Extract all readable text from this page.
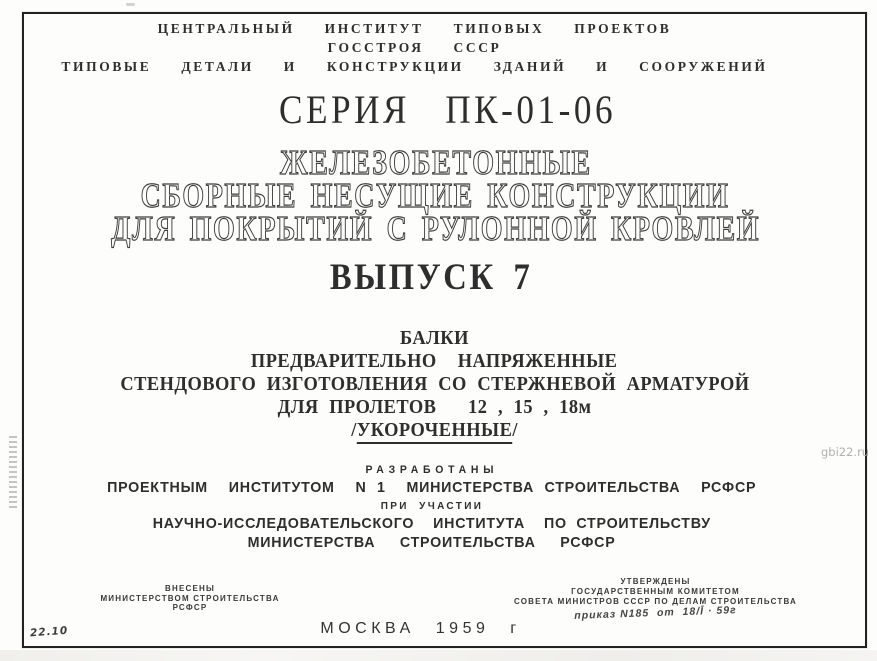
ЦЕНТРАЛЬНЫЙ  ИНСТИТУТ  ТИПОВЫХ  ПРОЕКТОВ
ГОССТРОЯ  СССР
ТИПОВЫЕ  ДЕТАЛИ  И  КОНСТРУКЦИИ  ЗДАНИЙ  И  СООРУЖЕНИЙ
СЕРИЯ ПК-01-06
ЖЕЛЕЗОБЕТОННЫЕ
СБОРНЫЕ НЕСУЩИЕ КОНСТРУКЦИИ
ДЛЯ ПОКРЫТИЙ С РУЛОННОЙ КРОВЛЕЙ
ВЫПУСК 7
БАЛКИ
ПРЕДВАРИТЕЛЬНО  НАПРЯЖЕННЫЕ
СТЕНДОВОГО ИЗГОТОВЛЕНИЯ СО СТЕРЖНЕВОЙ АРМАТУРОЙ
ДЛЯ ПРОЛЕТОВ   12 , 15 , 18м
/УКОРОЧЕННЫЕ/
РАЗРАБОТАНЫ
ПРОЕКТНЫМ  ИНСТИТУТОМ  N 1  МИНИСТЕРСТВА СТРОИТЕЛЬСТВА  РСФСР
ПРИ  УЧАСТИИ
НАУЧНО-ИССЛЕДОВАТЕЛЬСКОГО  ИНСТИТУТА  ПО СТРОИТЕЛЬСТВУ
МИНИСТЕРСТВА  СТРОИТЕЛЬСТВА  РСФСР
ВНЕСЕНЫ
МИНИСТЕРСТВОМ СТРОИТЕЛЬСТВА
РСФСР
УТВЕРЖДЕНЫ
ГОСУДАРСТВЕННЫМ КОМИТЕТОМ
СОВЕТА МИНИСТРОВ СССР ПО ДЕЛАМ СТРОИТЕЛЬСТВА
приказ N185  от  18/Ī · 59г
МОСКВА 1959 г
22.10
gbi22.ru
